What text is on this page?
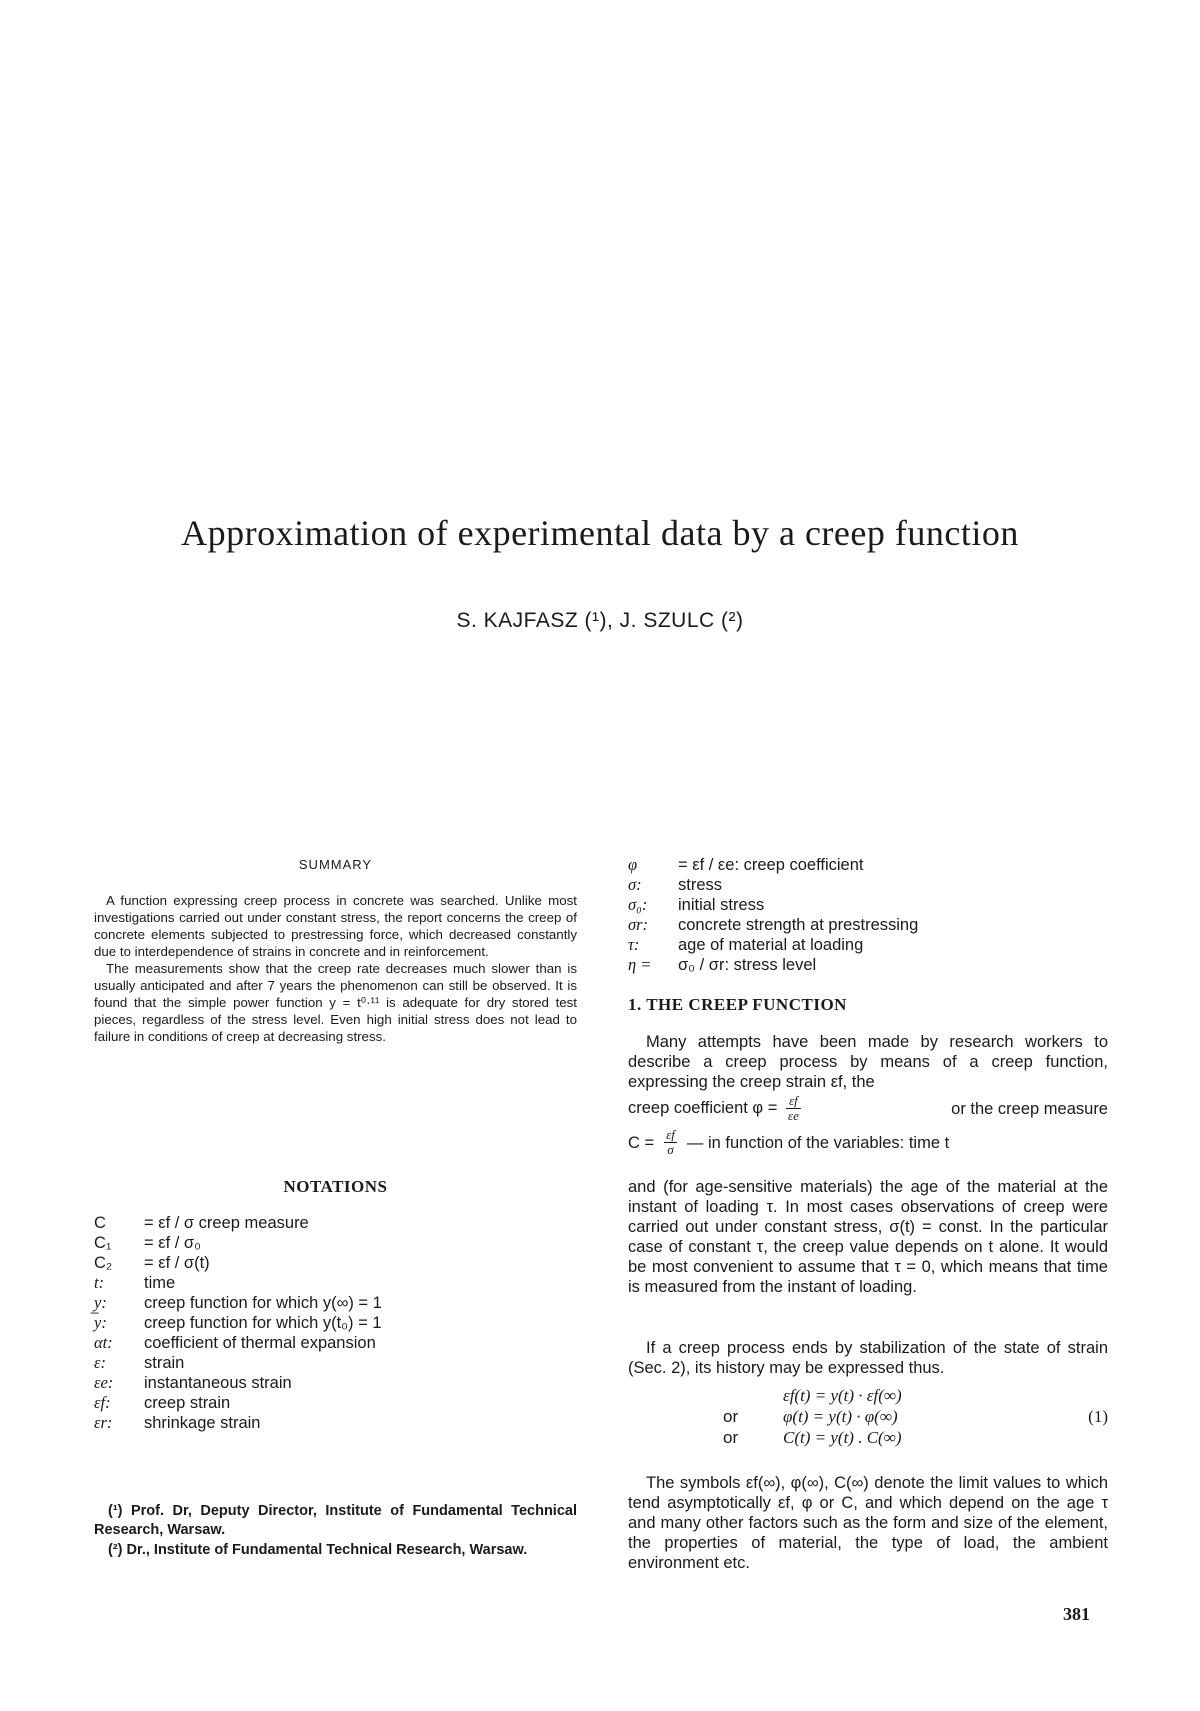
Approximation of experimental data by a creep function
S. KAJFASZ (¹), J. SZULC (²)
SUMMARY

A function expressing creep process in concrete was searched. Unlike most investigations carried out under constant stress, the report concerns the creep of concrete elements subjected to prestressing force, which decreased constantly due to interdependence of strains in concrete and in reinforcement.

The measurements show that the creep rate decreases much slower than is usually anticipated and after 7 years the phenomenon can still be observed. It is found that the simple power function y = t⁰·¹¹ is adequate for dry stored test pieces, regardless of the stress level. Even high initial stress does not lead to failure in conditions of creep at decreasing stress.

NOTATIONS
C	= εf / σ creep measure
C₁	= εf / σ₀
C₂	= εf / σ(t)
t:	time
y̲:	creep function for which y(∞) = 1
y:	creep function for which y(t₀) = 1
αt:	coefficient of thermal expansion
ε:	strain
εe:	instantaneous strain
εf:	creep strain
εr:	shrinkage strain

(¹) Prof. Dr, Deputy Director, Institute of Fundamental Technical Research, Warsaw.

(²) Dr., Institute of Fundamental Technical Research, Warsaw.

φ	= εf / εe: creep coefficient
σ:	stress
σ₀:	initial stress
σr:	concrete strength at prestressing
τ:	age of material at loading
η =	σ₀ / σr: stress level
1. THE CREEP FUNCTION

Many attempts have been made by research workers to describe a creep process by means of a creep function, expressing the creep strain εf, the

creep coefficient $\varphi = \frac{\varepsilon f}{\varepsilon e}$	or the creep measure
$C = \frac{\varepsilon f}{\sigma}$ — in function of the variables: time t

and (for age-sensitive materials) the age of the material at the instant of loading τ. In most cases observations of creep were carried out under constant stress, σ(t) = const. In the particular case of constant τ, the creep value depends on t alone. It would be most convenient to assume that τ = 0, which means that time is measured from the instant of loading.

If a creep process ends by stabilization of the state of strain (Sec. 2), its history may be expressed thus.

εf(t) = y(t) · εf(∞)
or	φ(t) = y(t) · φ(∞)	(1)
or	C(t) = y(t) . C(∞)

The symbols εf(∞), φ(∞), C(∞) denote the limit values to which tend asymptotically εf, φ or C, and which depend on the age τ and many other factors such as the form and size of the element, the properties of material, the type of load, the ambient environment etc.

381
